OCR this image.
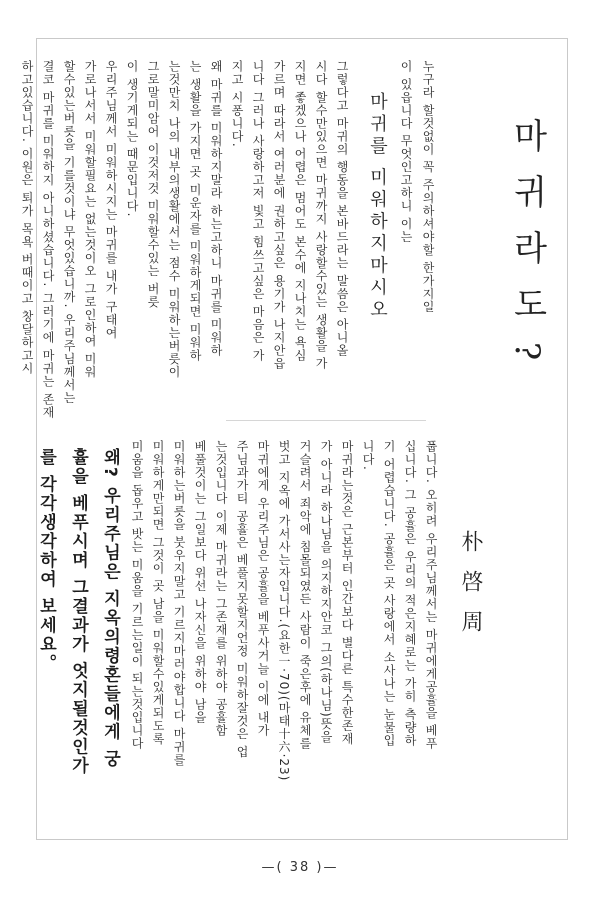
마귀라도?
朴啓周
마귀를 미워하지마시오	누구라 할것없이 꼭 주의하셔야할 한가지일
이 있읍니다 무엇인고하니 이는
그렇다고 마귀의 행동을 본바드라는 말씀은 아니올
시다 할수만있으면 마귀까지 사랑할수있는 생활을 가
지면 좋겠으나 어렵은 멈어도 본수에 지나치는 욕심
가르며 따라서 여러분에 권하고싶은 용기가 나지안읍
니다 그러나 사랑하고저 빛고 힘쓰고싶은 마음은 가
지고 시퐁니다.
왜 마귀를 미워하지말라 하는고하니 마귀를 미워하
는 생활을 가지면 곳 미운자를 미워하게되면 미워하
는것만치 나의 내부의생활에서는 점수 미워하는버릇이
그로말미암어 이것저것 미워할수있는 버릇
이 생기게되는 때문입니다.
우리주님께서 미워하시지는 마귀를 내가 구태여
가로나서서 미워할필요는 없는것이오 그로인하여 미워
할수있는버릇을 기를것이냐 무엇있습니까. 우리주님께서는
결코 마귀를 미워하지 아니하셨습니다. 그러기에 마귀는 존재
하고있습니다. 이원은 퇴가 목욕 버때이고 창달하고시
풉니다. 오히려 우리주님께서는 마귀에게공휼을 베푸
십니다. 그 공휼은 우리의 적은지혜로는 가히 측량하
기 어렵습니다. 공휼은 곳 사랑에서 소사나는 눈물입
니다.
마귀라는것은 근본부터 인간보다 별다른 특수한존재
가 아니라 하나님을 의지하지안코 그의(하나님)뜻을
거슬려서 죄악에 침몰되였든 사람이 죽은후에 유체를
벗고 지옥에 가서사는자입니다.(요한一·70)(마태十六·23)
마귀에게 우리주님은 공휼을 베푸사거늘 이에 내가
주님과가티 공휼은 베풀지못할지언정 미워하잘것은 업
는것입니다 이제 마귀라는 그존재를 위하야 공휼함
베풀것이는 그일보다 위선 나자신을 위하야 남을
미워하는버릇을 붓우지말고 기르지마러야합니다 마귀를
미워하게만되면 그것이 곳 남을 미워할수있게되도록
미움을 돕우고 밧는 미움을 기르는일이 되는것입니다
왜? 우리주님은 지옥의령혼들에게 궁
휼을 베푸시며 그결과가 엇지될것인가
를 각각생각하여 보세요。
—( 38 )—
